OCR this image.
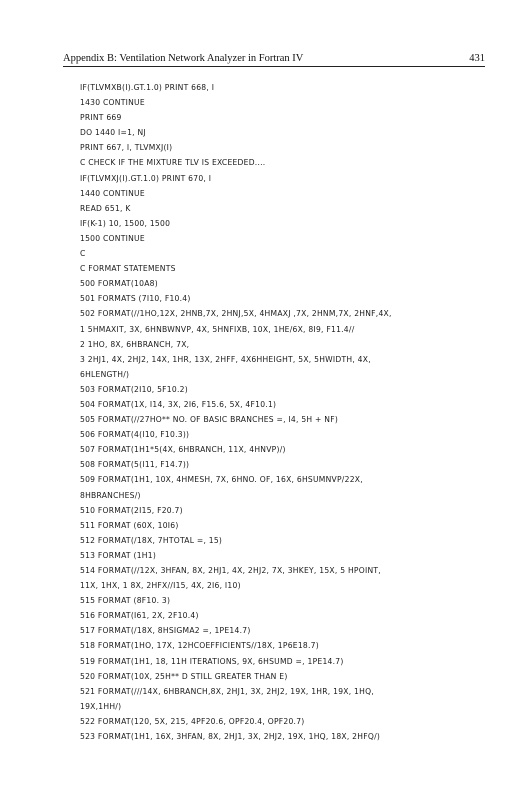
Appendix B: Ventilation Network Analyzer in Fortran IV	431
IF(TLVMXB(I).GT.1.0) PRINT 668, I
1430 CONTINUE
PRINT 669
DO 1440 I=1, NJ
PRINT 667, I, TLVMXJ(I)
C CHECK IF THE MIXTURE TLV IS EXCEEDED....
IF(TLVMXJ(I).GT.1.0) PRINT 670, I
1440 CONTINUE
READ 651, K
IF(K-1) 10, 1500, 1500
1500 CONTINUE
C
C FORMAT STATEMENTS
500 FORMAT(10A8)
501 FORMATS (7I10, F10.4)
502 FORMAT(//1HO,12X, 2HNB,7X, 2HNJ,5X, 4HMAXJ ,7X, 2HNM,7X, 2HNF,4X,
1 5HMAXIT, 3X, 6HNBWNVP, 4X, 5HNFIXB, 10X, 1HE/6X, 8I9, F11.4//
2 1HO, 8X, 6HBRANCH, 7X,
3 2HJ1, 4X, 2HJ2, 14X, 1HR, 13X, 2HFF, 4X6HHEIGHT, 5X, 5HWIDTH, 4X,
6HLENGTH/)
503 FORMAT(2I10, 5F10.2)
504 FORMAT(1X, I14, 3X, 2I6, F15.6, 5X, 4F10.1)
505 FORMAT(//27HO** NO. OF BASIC BRANCHES =, I4, 5H + NF)
506 FORMAT(4(I10, F10.3))
507 FORMAT(1H1*5(4X, 6HBRANCH, 11X, 4HNVP)/)
508 FORMAT(5(I11, F14.7))
509 FORMAT(1H1, 10X, 4HMESH, 7X, 6HNO. OF, 16X, 6HSUMNVP/22X,
8HBRANCHES/)
510 FORMAT(2I15, F20.7)
511 FORMAT (60X, 10I6)
512 FORMAT(/18X, 7HTOTAL =, 15)
513 FORMAT (1H1)
514 FORMAT(//12X, 3HFAN, 8X, 2HJ1, 4X, 2HJ2, 7X, 3HKEY, 15X, 5 HPOINT,
11X, 1HX, 1 8X, 2HFX//I15, 4X, 2I6, I10)
515 FORMAT (8F10. 3)
516 FORMAT(I61, 2X, 2F10.4)
517 FORMAT(/18X, 8HSIGMA2 =, 1PE14.7)
518 FORMAT(1HO, 17X, 12HCOEFFICIENTS//18X, 1P6E18.7)
519 FORMAT(1H1, 18, 11H ITERATIONS, 9X, 6HSUMD =, 1PE14.7)
520 FORMAT(10X, 25H** D STILL GREATER THAN E)
521 FORMAT(///14X, 6HBRANCH,8X, 2HJ1, 3X, 2HJ2, 19X, 1HR, 19X, 1HQ,
19X,1HH/)
522 FORMAT(120, 5X, 215, 4PF20.6, OPF20.4, OPF20.7)
523 FORMAT(1H1, 16X, 3HFAN, 8X, 2HJ1, 3X, 2HJ2, 19X, 1HQ, 18X, 2HFQ/)
